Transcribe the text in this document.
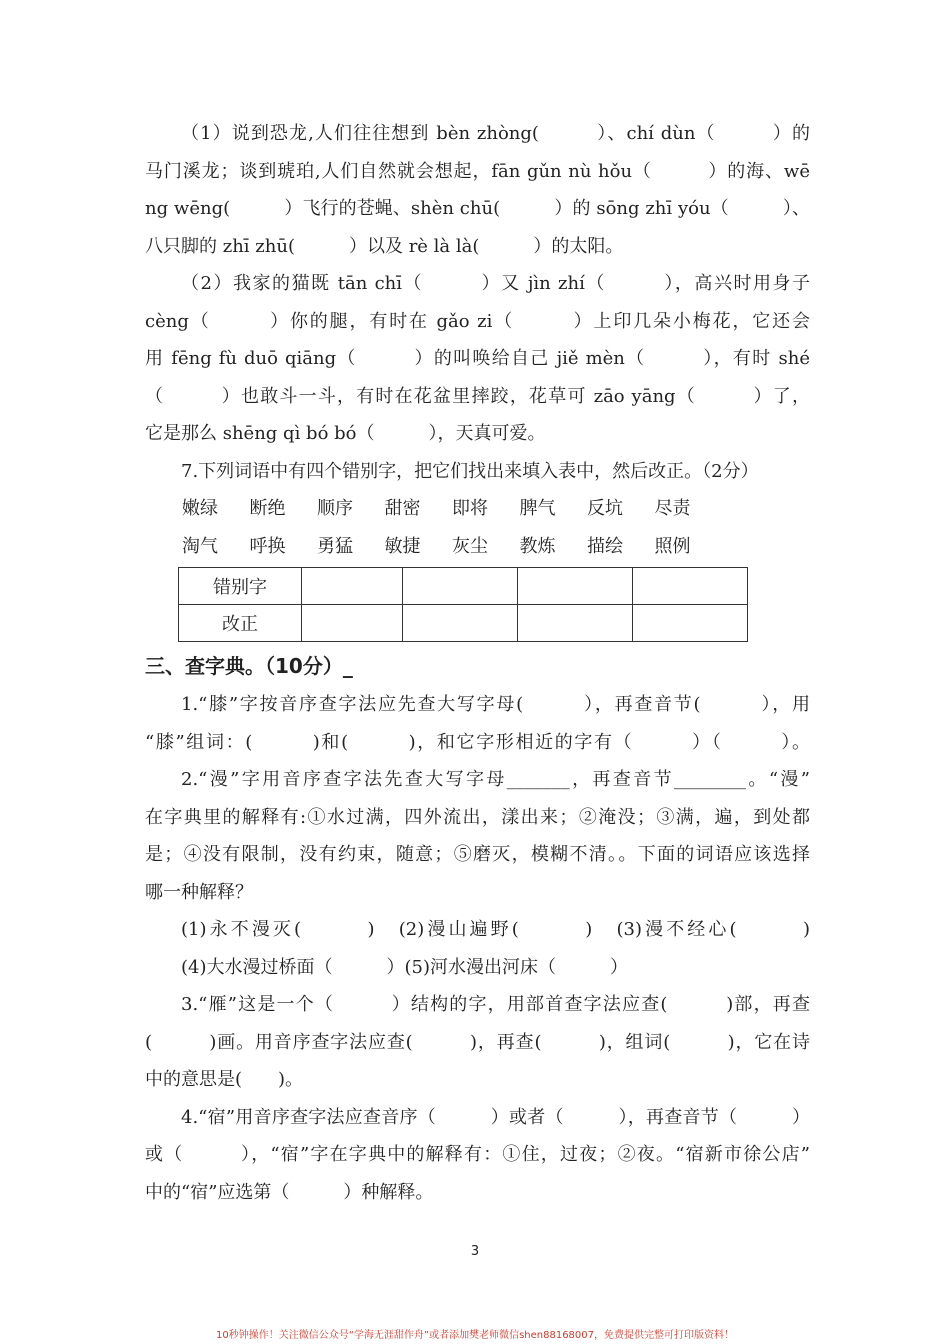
（1）说到恐龙,人们往往想到 bèn zhòng(　　　）、chí dùn（　　　）的
马门溪龙；谈到琥珀,人们自然就会想起，fān gǔn nù hǒu（　　　）的海、wē
ng wēng(　　　）飞行的苍蝇、shèn chū(　　　）的 sōng zhī yóu（　　　）、
八只脚的 zhī zhū(　　　）以及 rè là là(　　　）的太阳。
（2）我家的猫既 tān chī（　　　）又 jìn zhí（　　　），高兴时用身子
cèng（　　　）你的腿，有时在 gǎo zi（　　　）上印几朵小梅花，它还会
用 fēng fù duō qiāng（　　　）的叫唤给自己 jiě mèn（　　　），有时 shé
（　　　）也敢斗一斗，有时在花盆里摔跤，花草可 zāo yāng（　　　）了，
它是那么 shēng qì bó bó（　　　），天真可爱。
7.下列词语中有四个错别字，把它们找出来填入表中，然后改正。（2分）
嫩绿	断绝	顺序	甜密	即将	脾气	反坑	尽责
淘气	呼换	勇猛	敏捷	灰尘	教炼	描绘	照例
错别字				
改正				
三、查字典。（10分）_
1.“膝”字按音序查字法应先查大写字母(　　　），再查音节(　　　），用
“膝”组词：(　　　)和(　　　)，和它字形相近的字有（　　　）（　　　）。
2.“漫”字用音序查字法先查大写字母_______，再查音节________。“漫”
在字典里的解释有:①水过满，四外流出，漾出来；②淹没；③满，遍，到处都
是；④没有限制，没有约束，随意；⑤磨灭，模糊不清。。下面的词语应该选择
哪一种解释？
(1)永不漫灭(　　　)　(2)漫山遍野(　　　)　(3)漫不经心(　　　)
(4)大水漫过桥面（　　　）(5)河水漫出河床（　　　）
3.“雁”这是一个（　　　）结构的字，用部首查字法应查(　　　)部，再查
(　　　)画。用音序查字法应查(　　　)，再查(　　　)，组词(　　　)，它在诗
中的意思是(　　)。
4.“宿”用音序查字法应查音序（　　　）或者（　　　），再查音节（　　　）
或（　　　），“宿”字在字典中的解释有：①住，过夜；②夜。“宿新市徐公店”
中的“宿”应选第（　　　）种解释。
3
10秒钟操作！关注微信公众号“学海无涯甜作舟”或者添加樊老师微信shen88168007，免费提供完整可打印版资料！
